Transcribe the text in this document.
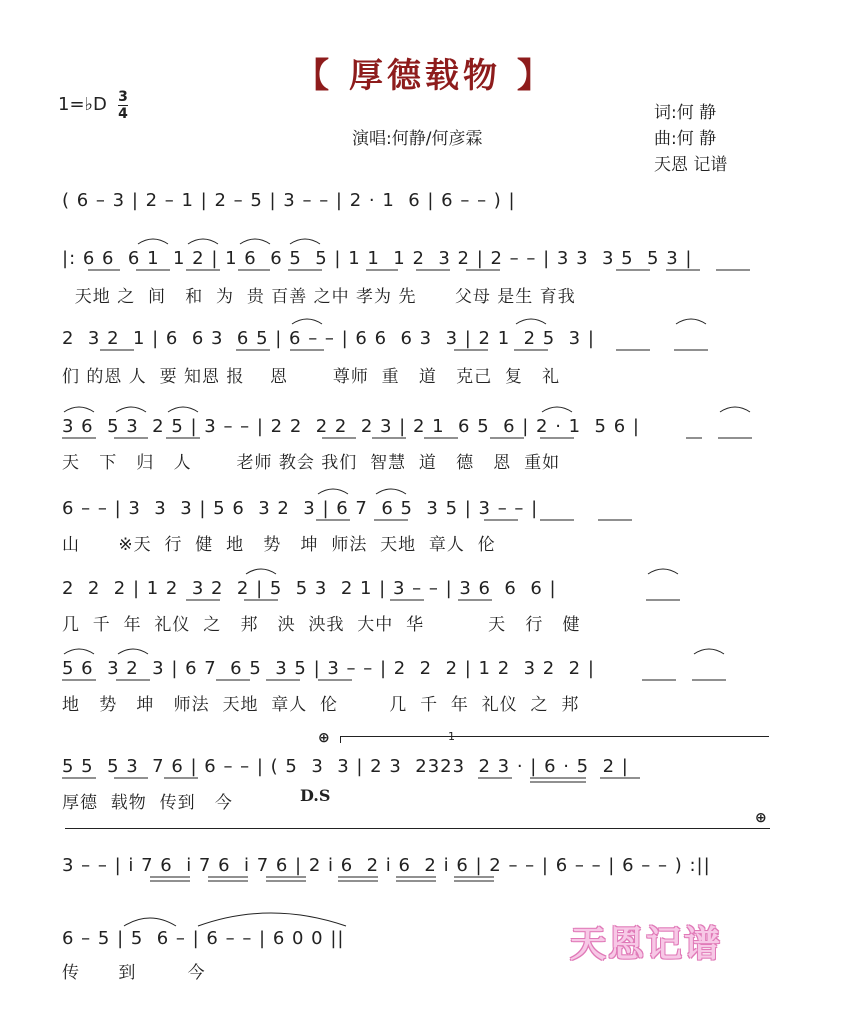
【 厚德载物 】
1=♭D 3
4	词:何 静
演唱:何静/何彦霖	曲:何 静
天恩 记谱
( 6 – 3 | 2 – 1 | 2 – 5 | 3 – – | 2 · 1  6 | 6 – – ) |
|: 6 6  6 1  1 2 | 1 6  6 5  5 | 1 1  1 2  3 2 | 2 – – | 3 3  3 5  5 3 |
天地 之  间   和  为  贵 百善 之中 孝为 先      父母 是生 育我
2  3 2  1 | 6  6 3  6 5 | 6 – – | 6 6  6 3  3 | 2 1  2 5  3 |
们 的恩 人  要 知恩 报    恩       尊师  重   道   克己  复   礼
3 6  5 3  2 5 | 3 – – | 2 2  2 2  2 3 | 2 1  6 5  6 | 2 · 1  5 6 |
天   下   归   人       老师 教会 我们  智慧  道   德   恩  重如
6 – – | 3  3  3 | 5 6  3 2  3 | 6 7  6 5  3 5 | 3 – – |
山      ※天  行  健  地   势   坤  师法  天地  章人  伦
2  2  2 | 1 2  3 2  2 | 5  5 3  2 1 | 3 – – | 3 6  6  6 |
几  千  年  礼仪  之   邦   泱  泱我  大中  华          天   行   健
5 6  3 2  3 | 6 7  6 5  3 5 | 3 – – | 2  2  2 | 1 2  3 2  2 |
地   势   坤   师法  天地  章人  伦        几  千  年  礼仪  之  邦
⊕	1
5 5  5 3  7 6 | 6 – – | ( 5  3  3 | 2 3  2323  2 3 · | 6 · 5  2 |
厚德  载物  传到   今	D.S
⊕
3 – – | i 7 6  i 7 6  i 7 6 | 2 i 6  2 i 6  2 i 6 | 2 – – | 6 – – | 6 – – ) :||
6 – 5 | 5  6 – | 6 – – | 6 0 0 ||
传      到        今
天恩记谱
